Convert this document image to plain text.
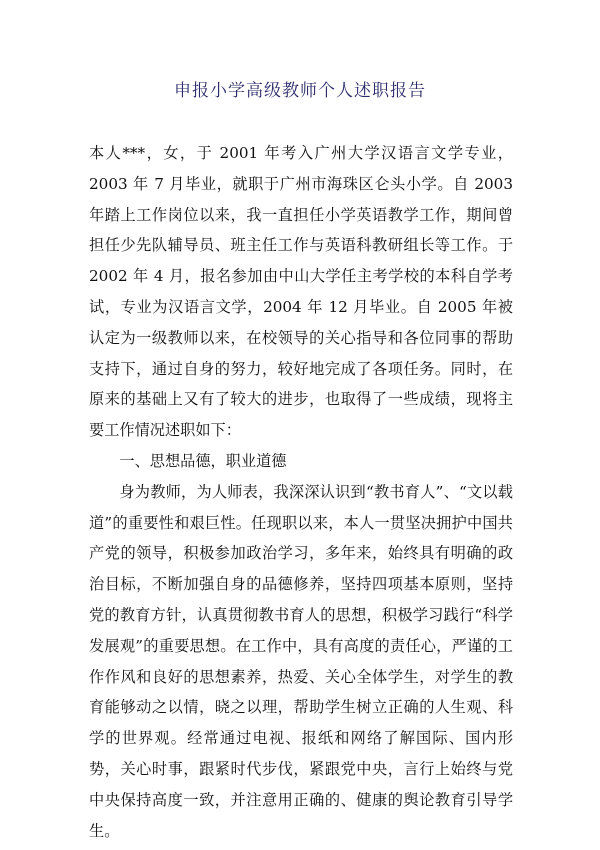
申报小学高级教师个人述职报告

本人***，女，于 2001 年考入广州大学汉语言文学专业，2003 年 7 月毕业，就职于广州市海珠区仑头小学。自 2003 年踏上工作岗位以来，我一直担任小学英语教学工作，期间曾担任少先队辅导员、班主任工作与英语科教研组长等工作。于 2002 年 4 月，报名参加由中山大学任主考学校的本科自学考试，专业为汉语言文学，2004 年 12 月毕业。自 2005 年被认定为一级教师以来，在校领导的关心指导和各位同事的帮助支持下，通过自身的努力，较好地完成了各项任务。同时，在原来的基础上又有了较大的进步，也取得了一些成绩，现将主要工作情况述职如下：

一、思想品德，职业道德

身为教师，为人师表，我深深认识到“教书育人”、“文以载道”的重要性和艰巨性。任现职以来，本人一贯坚决拥护中国共产党的领导，积极参加政治学习，多年来，始终具有明确的政治目标，不断加强自身的品德修养，坚持四项基本原则，坚持党的教育方针，认真贯彻教书育人的思想，积极学习践行“科学发展观”的重要思想。在工作中，具有高度的责任心，严谨的工作作风和良好的思想素养，热爱、关心全体学生，对学生的教育能够动之以情，晓之以理，帮助学生树立正确的人生观、科学的世界观。经常通过电视、报纸和网络了解国际、国内形势，关心时事，跟紧时代步伐，紧跟党中央，言行上始终与党中央保持高度一致，并注意用正确的、健康的舆论教育引导学生。
